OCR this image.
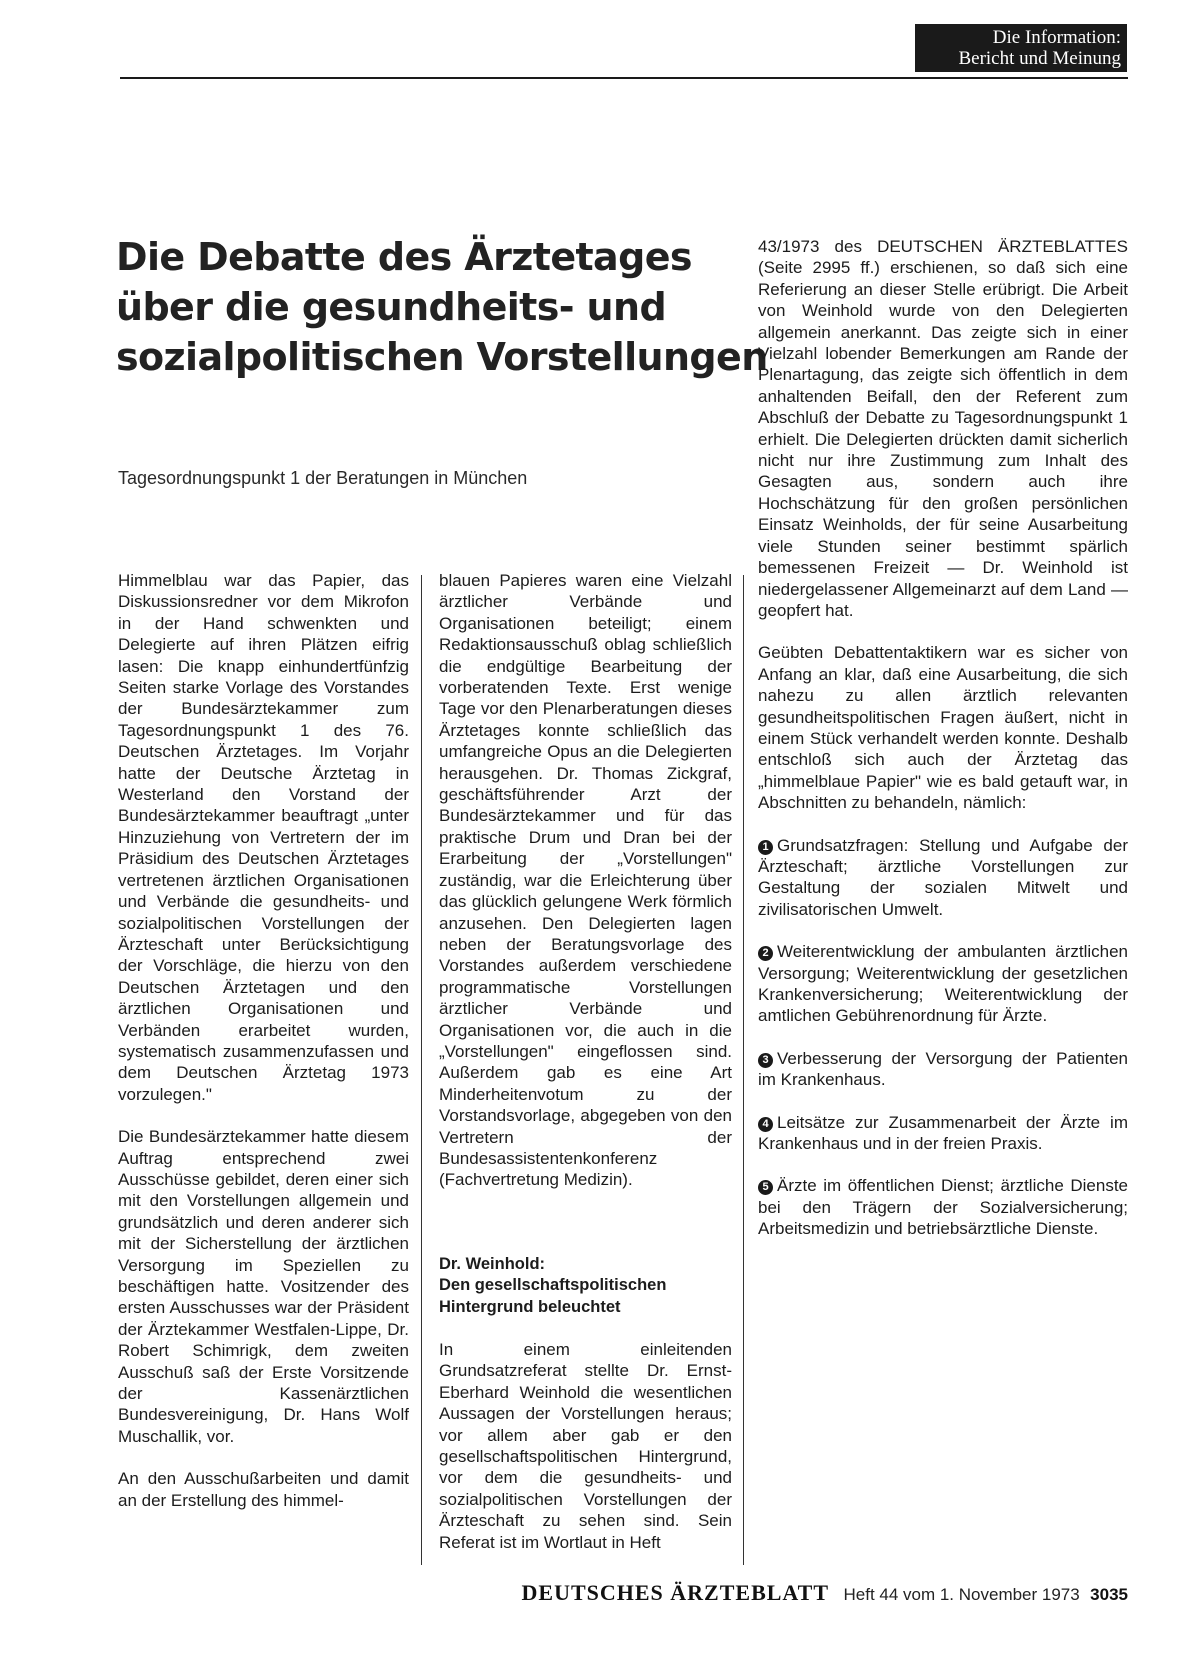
Die Information:
Bericht und Meinung
Die Debatte des Ärztetages
über die gesundheits- und
sozialpolitischen Vorstellungen

Tagesordnungspunkt 1 der Beratungen in München

Himmelblau war das Papier, das Diskussionsredner vor dem Mikrofon in der Hand schwenkten und Delegierte auf ihren Plätzen eifrig lasen: Die knapp einhundertfünfzig Seiten starke Vorlage des Vorstandes der Bundesärztekammer zum Tagesordnungspunkt 1 des 76. Deutschen Ärztetages. Im Vorjahr hatte der Deutsche Ärztetag in Westerland den Vorstand der Bundesärztekammer beauftragt „unter Hinzuziehung von Vertretern der im Präsidium des Deutschen Ärztetages vertretenen ärztlichen Organisationen und Verbände die gesundheits- und sozialpolitischen Vorstellungen der Ärzteschaft unter Berücksichtigung der Vorschläge, die hierzu von den Deutschen Ärztetagen und den ärztlichen Organisationen und Verbänden erarbeitet wurden, systematisch zusammenzufassen und dem Deutschen Ärztetag 1973 vorzulegen."

Die Bundesärztekammer hatte diesem Auftrag entsprechend zwei Ausschüsse gebildet, deren einer sich mit den Vorstellungen allgemein und grundsätzlich und deren anderer sich mit der Sicherstellung der ärztlichen Versorgung im Speziellen zu beschäftigen hatte. Vositzender des ersten Ausschusses war der Präsident der Ärztekammer Westfalen-Lippe, Dr. Robert Schimrigk, dem zweiten Ausschuß saß der Erste Vorsitzende der Kassenärztlichen Bundesvereinigung, Dr. Hans Wolf Muschallik, vor.

An den Ausschußarbeiten und damit an der Erstellung des himmel-

blauen Papieres waren eine Vielzahl ärztlicher Verbände und Organisationen beteiligt; einem Redaktionsausschuß oblag schließlich die endgültige Bearbeitung der vorberatenden Texte. Erst wenige Tage vor den Plenarberatungen dieses Ärztetages konnte schließlich das umfangreiche Opus an die Delegierten herausgehen. Dr. Thomas Zickgraf, geschäftsführender Arzt der Bundesärztekammer und für das praktische Drum und Dran bei der Erarbeitung der „Vorstellungen" zuständig, war die Erleichterung über das glücklich gelungene Werk förmlich anzusehen. Den Delegierten lagen neben der Beratungsvorlage des Vorstandes außerdem verschiedene programmatische Vorstellungen ärztlicher Verbände und Organisationen vor, die auch in die „Vorstellungen" eingeflossen sind. Außerdem gab es eine Art Minderheitenvotum zu der Vorstandsvorlage, abgegeben von den Vertretern der Bundesassistentenkonferenz (Fachvertretung Medizin).

Dr. Weinhold:
Den gesellschaftspolitischen
Hintergrund beleuchtet

In einem einleitenden Grundsatzreferat stellte Dr. Ernst-Eberhard Weinhold die wesentlichen Aussagen der Vorstellungen heraus; vor allem aber gab er den gesellschaftspolitischen Hintergrund, vor dem die gesundheits- und sozialpolitischen Vorstellungen der Ärzteschaft zu sehen sind. Sein Referat ist im Wortlaut in Heft

43/1973 des DEUTSCHEN ÄRZTEBLATTES (Seite 2995 ff.) erschienen, so daß sich eine Referierung an dieser Stelle erübrigt. Die Arbeit von Weinhold wurde von den Delegierten allgemein anerkannt. Das zeigte sich in einer Vielzahl lobender Bemerkungen am Rande der Plenartagung, das zeigte sich öffentlich in dem anhaltenden Beifall, den der Referent zum Abschluß der Debatte zu Tagesordnungspunkt 1 erhielt. Die Delegierten drückten damit sicherlich nicht nur ihre Zustimmung zum Inhalt des Gesagten aus, sondern auch ihre Hochschätzung für den großen persönlichen Einsatz Weinholds, der für seine Ausarbeitung viele Stunden seiner bestimmt spärlich bemessenen Freizeit — Dr. Weinhold ist niedergelassener Allgemeinarzt auf dem Land — geopfert hat.

Geübten Debattentaktikern war es sicher von Anfang an klar, daß eine Ausarbeitung, die sich nahezu zu allen ärztlich relevanten gesundheitspolitischen Fragen äußert, nicht in einem Stück verhandelt werden konnte. Deshalb entschloß sich auch der Ärztetag das „himmelblaue Papier" wie es bald getauft war, in Abschnitten zu behandeln, nämlich:

1 Grundsatzfragen: Stellung und Aufgabe der Ärzteschaft; ärztliche Vorstellungen zur Gestaltung der sozialen Mitwelt und zivilisatorischen Umwelt.

2 Weiterentwicklung der ambulanten ärztlichen Versorgung; Weiterentwicklung der gesetzlichen Krankenversicherung; Weiterentwicklung der amtlichen Gebührenordnung für Ärzte.

3 Verbesserung der Versorgung der Patienten im Krankenhaus.

4 Leitsätze zur Zusammenarbeit der Ärzte im Krankenhaus und in der freien Praxis.

5 Ärzte im öffentlichen Dienst; ärztliche Dienste bei den Trägern der Sozialversicherung; Arbeitsmedizin und betriebsärztliche Dienste.

DEUTSCHES ÄRZTEBLATT Heft 44 vom 1. November 1973 3035
